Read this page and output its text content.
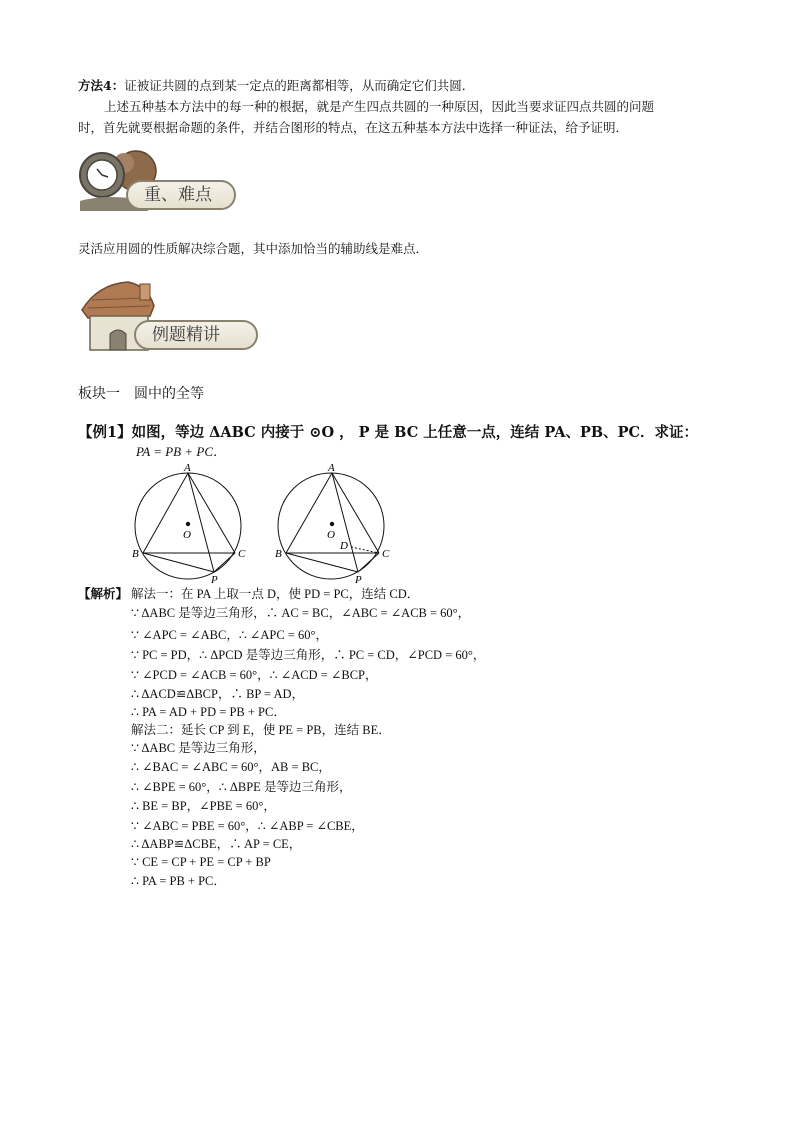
方法4：证被证共圆的点到某一定点的距离都相等，从而确定它们共圆．
上述五种基本方法中的每一种的根据，就是产生四点共圆的一种原因，因此当要求证四点共圆的问题
时，首先就要根据命题的条件，并结合图形的特点，在这五种基本方法中选择一种证法，给予证明．
重、难点
灵活应用圆的性质解决综合题，其中添加恰当的辅助线是难点．
例题精讲
板块一　圆中的全等
【例1】如图，等边 ΔABC 内接于 ⊙O ， P 是 BC 上任意一点，连结 PA、PB、PC．求证：
PA = PB + PC．
A
B	C
O
P
A
B	C
O
D
P
【解析】 解法一：在 PA 上取一点 D，使 PD = PC，连结 CD．
∵ ΔABC 是等边三角形，∴ AC = BC，∠ABC = ∠ACB = 60°，
∵ ∠APC = ∠ABC，∴ ∠APC = 60°，
∵ PC = PD，∴ ΔPCD 是等边三角形，∴ PC = CD，∠PCD = 60°，
∵ ∠PCD = ∠ACB = 60°，∴ ∠ACD = ∠BCP，
∴ ΔACD≌ΔBCP，∴ BP = AD，
∴ PA = AD + PD = PB + PC．
解法二：延长 CP 到 E，使 PE = PB，连结 BE．
∵ ΔABC 是等边三角形，
∴ ∠BAC = ∠ABC = 60°，AB = BC，
∴ ∠BPE = 60°，∴ ΔBPE 是等边三角形，
∴ BE = BP，∠PBE = 60°，
∵ ∠ABC = PBE = 60°，∴ ∠ABP = ∠CBE，
∴ ΔABP≌ΔCBE，∴ AP = CE，
∵ CE = CP + PE = CP + BP
∴ PA = PB + PC．
